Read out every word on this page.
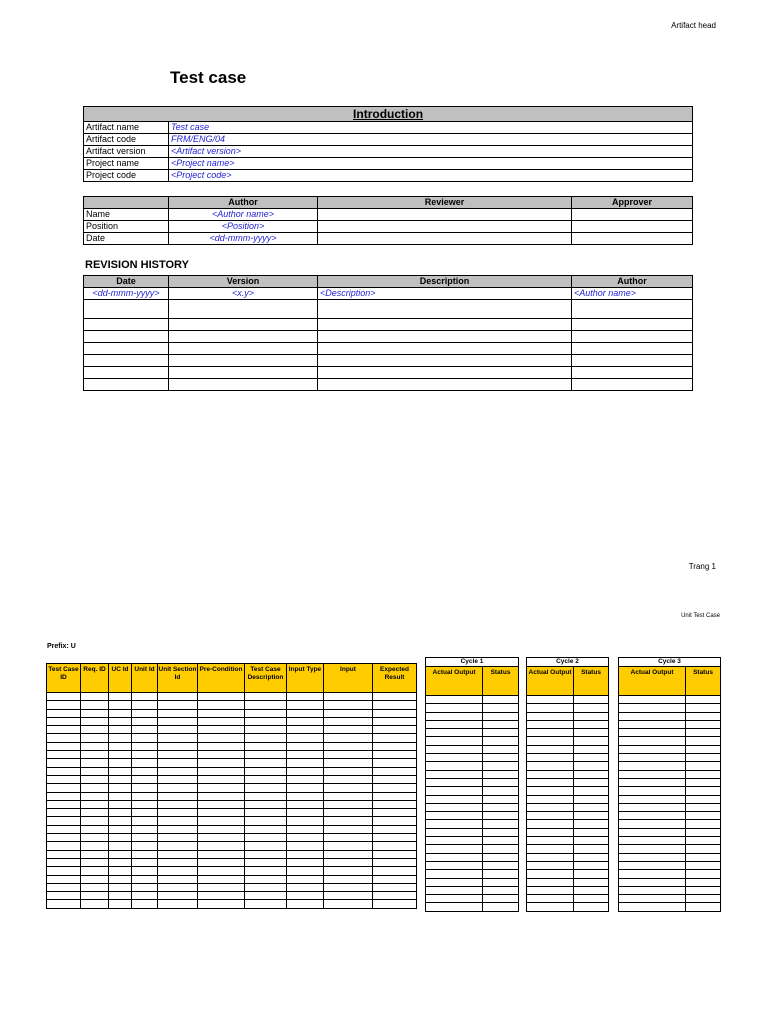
Artifact head
Test case
Introduction	
Artifact name	Test case
Artifact code	FRM/ENG/04
Artifact version	<Artifact version>
Project name	<Project name>
Project code	<Project code>
	Author	Reviewer	Approver
Name	<Author name>		
Position	<Position>		
Date	<dd-mmm-yyyy>		
REVISION HISTORY
Date	Version	Description	Author
<dd-mmm-yyyy>	<x.y>	<Description>	<Author name>

Trang 1
Unit Test Case
Prefix: U
Test Case ID	Req. ID	UC Id	Unit Id	Unit Section Id	Pre-Condition	Test Case Description	Input Type	Input	Expected Result

Cycle 1	
Actual Output	Status

Cycle 2	
Actual Output	Status

Cycle 3	
Actual Output	Status
